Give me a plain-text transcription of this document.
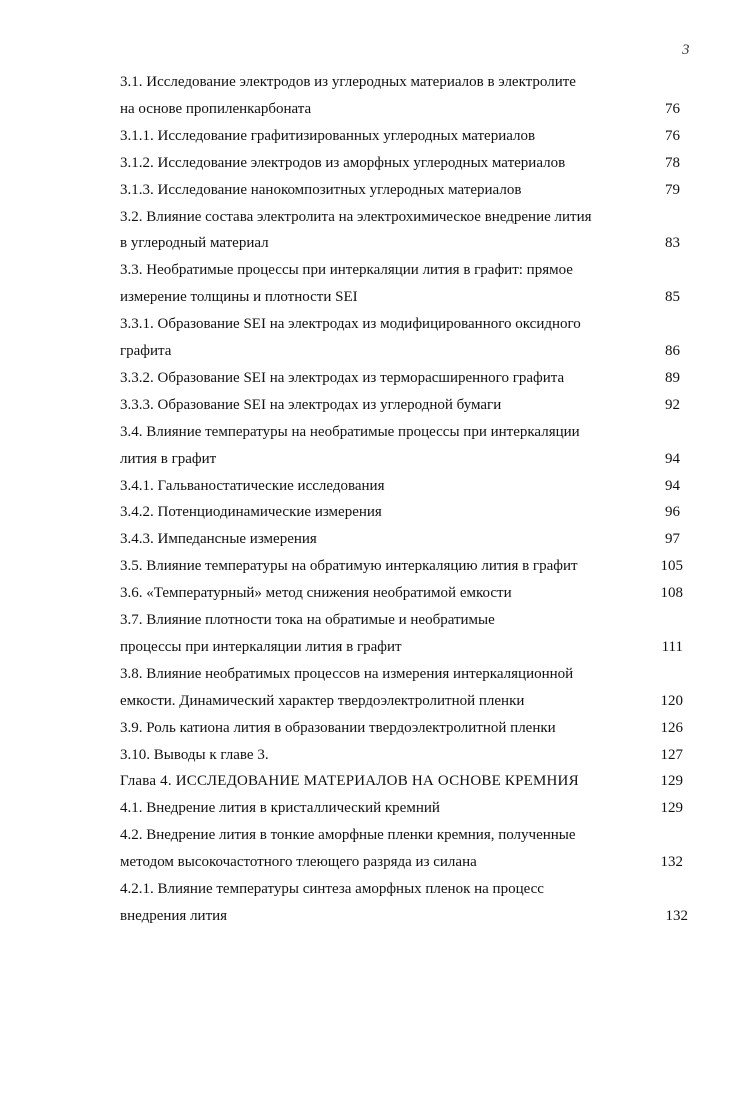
3
3.1. Исследование электродов из углеродных материалов в электролите
на основе пропиленкарбоната	76
3.1.1. Исследование графитизированных углеродных материалов	76
3.1.2. Исследование электродов из аморфных углеродных материалов	78
3.1.3. Исследование нанокомпозитных углеродных материалов	79
3.2. Влияние состава электролита на электрохимическое внедрение лития
в углеродный материал	83
3.3. Необратимые процессы при интеркаляции лития в графит: прямое
измерение толщины и плотности SEI	85
3.3.1. Образование SEI на электродах из модифицированного оксидного
графита	86
3.3.2. Образование SEI на электродах из терморасширенного графита	89
3.3.3. Образование SEI на электродах из углеродной бумаги	92
3.4. Влияние температуры на необратимые процессы при интеркаляции
лития в графит	94
3.4.1. Гальваностатические исследования	94
3.4.2. Потенциодинамические измерения	96
3.4.3. Импедансные измерения	97
3.5. Влияние температуры на обратимую интеркаляцию лития в графит	105
3.6. «Температурный» метод снижения необратимой емкости	108
3.7. Влияние плотности тока на обратимые и необратимые
процессы при интеркаляции лития в графит	111
3.8. Влияние необратимых процессов на измерения интеркаляционной
емкости. Динамический характер твердоэлектролитной пленки	120
3.9. Роль катиона лития в образовании твердоэлектролитной пленки	126
3.10. Выводы к главе 3.	127
Глава 4. ИССЛЕДОВАНИЕ МАТЕРИАЛОВ НА ОСНОВЕ КРЕМНИЯ	129
4.1. Внедрение лития в кристаллический кремний	129
4.2. Внедрение лития в тонкие аморфные пленки кремния, полученные
методом высокочастотного тлеющего разряда из силана	132
4.2.1. Влияние температуры синтеза аморфных пленок на процесс
внедрения лития	132
